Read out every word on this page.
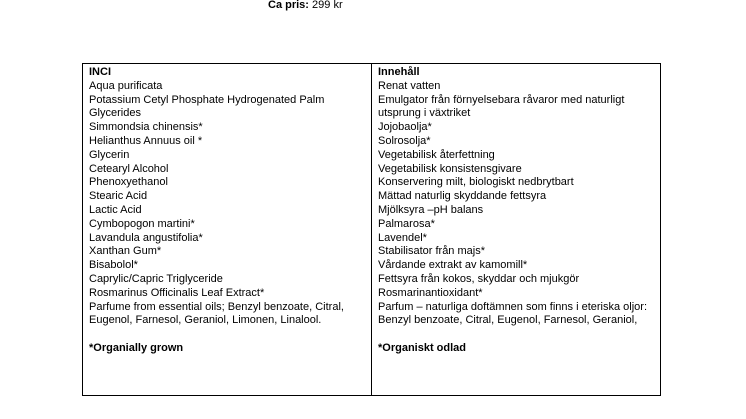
Ca pris: 299 kr

INCI

Aqua purificata
Potassium Cetyl Phosphate Hydrogenated Palm Glycerides
Simmondsia chinensis*
Helianthus Annuus oil *
Glycerin
Cetearyl Alcohol
Phenoxyethanol
Stearic Acid
Lactic Acid
Cymbopogon martini*
Lavandula angustifolia*
Xanthan Gum*
Bisabolol*
Caprylic/Capric Triglyceride
Rosmarinus Officinalis Leaf Extract*
Parfume from essential oils; Benzyl benzoate, Citral, Eugenol, Farnesol, Geraniol, Limonen, Linalool.
*Organially grown

Innehåll

Renat vatten
Emulgator från förnyelsebara råvaror med naturligt utsprung i växtriket
Jojobaolja*
Solrosolja*
Vegetabilisk återfettning
Vegetabilisk konsistensgivare
Konservering milt, biologiskt nedbrytbart
Mättad naturlig skyddande fettsyra
Mjölksyra –pH balans
Palmarosa*
Lavendel*
Stabilisator från majs*
Vårdande extrakt av kamomill*
Fettsyra från kokos, skyddar och mjukgör
Rosmarinantioxidant*
Parfum – naturliga doftämnen som finns i eteriska oljor: Benzyl benzoate, Citral, Eugenol, Farnesol, Geraniol,
*Organiskt odlad
